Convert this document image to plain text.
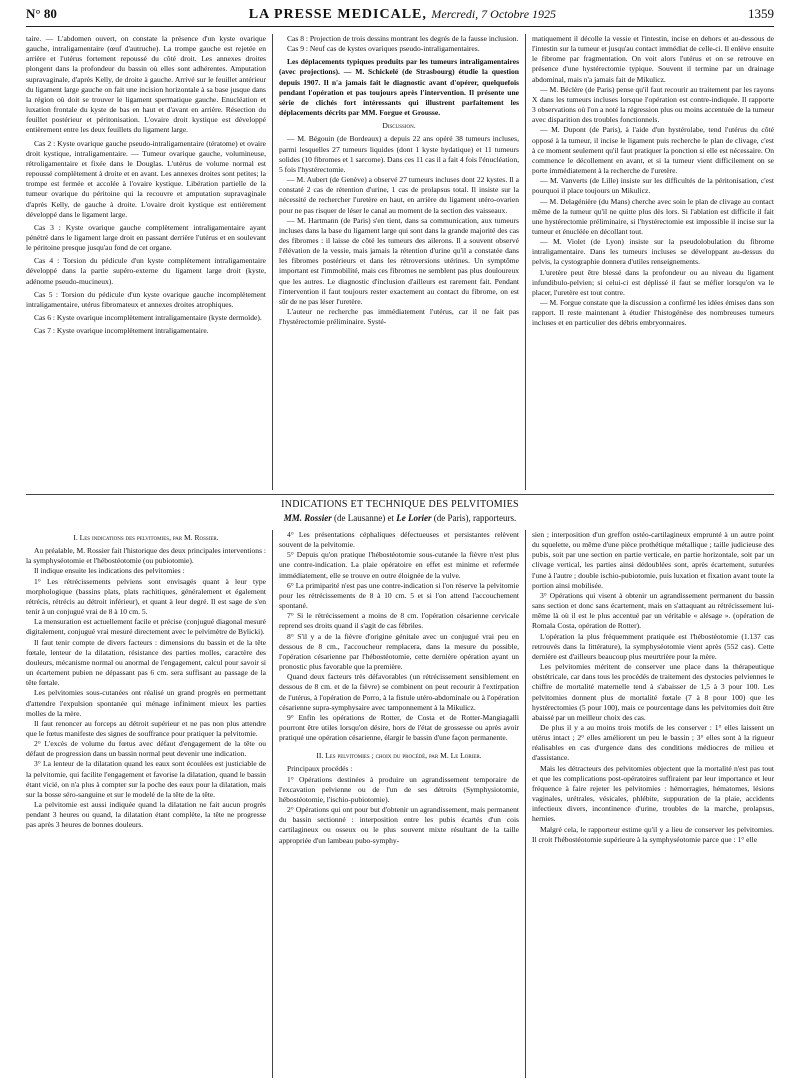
N° 80	LA PRESSE MEDICALE, Mercredi, 7 Octobre 1925	1359

taire. — L'abdomen ouvert, on constate la présence d'un kyste ovarique gauche, intraligamentaire (œuf d'autruche). La trompe gauche est rejetée en arrière et l'utérus fortement repoussé du côté droit. Les annexes droites plongent dans la profondeur du bassin où elles sont adhérentes. Amputation supravaginale, d'après Kelly, de droite à gauche. Arrivé sur le feuillet antérieur du ligament large gauche on fait une incision horizontale à sa base jusque dans la région où doit se trouver le ligament spermatique gauche. Enucléation et luxation frontale du kyste de bas en haut et d'avant en arrière. Résection du feuillet postérieur et péritonisation. L'ovaire droit kystique est développé entièrement entre les deux feuillets du ligament large.

Cas 2 : Kyste ovarique gauche pseudo-intraligamentaire (tératome) et ovaire droit kystique, intraligamentaire. — Tumeur ovarique gauche, volumineuse, rétroligamentaire et fixée dans le Douglas. L'utérus de volume normal est repoussé complètement à droite et en avant. Les annexes droites sont petites; la trompe est fermée et accolée à l'ovaire kystique. Libération partielle de la tumeur ovarique du péritoine qui la recouvre et amputation supravaginale d'après Kelly, de gauche à droite. L'ovaire droit kystique est entièrement développé dans le ligament large.

Cas 3 : Kyste ovarique gauche complètement intraligamentaire ayant pénétré dans le ligament large droit en passant derrière l'utérus et en soulevant le péritoine presque jusqu'au fond de cet organe.

Cas 4 : Torsion du pédicule d'un kyste complètement intraligamentaire développé dans la partie supéro-externe du ligament large droit (kyste, adénome pseudo-mucineux).

Cas 5 : Torsion du pédicule d'un kyste ovarique gauche incomplètement intraligamentaire, utérus fibromateux et annexes droites atrophiques.

Cas 6 : Kyste ovarique incomplètement intraligamentaire (kyste dermoïde).

Cas 7 : Kyste ovarique incomplètement intraligamentaire.

Cas 8 : Projection de trois dessins montrant les degrés de la fausse inclusion.

Cas 9 : Neuf cas de kystes ovariques pseudo-intraligamentaires.

Les déplacements typiques produits par les tumeurs intraligamentaires (avec projections). — M. Schickelé (de Strasbourg) étudie la question depuis 1907. Il n'a jamais fait le diagnostic avant d'opérer, quelquefois pendant l'opération et pas toujours après l'intervention. Il présente une série de clichés fort intéressants qui illustrent parfaitement les déplacements décrits par MM. Forgue et Grousse.

Discussion.

— M. Bégouin (de Bordeaux) a depuis 22 ans opéré 38 tumeurs incluses, parmi lesquelles 27 tumeurs liquides (dont 1 kyste hydatique) et 11 tumeurs solides (10 fibromes et 1 sarcome). Dans ces 11 cas il a fait 4 fois l'énucléation, 5 fois l'hystérectomie.

— M. Aubert (de Genève) a observé 27 tumeurs incluses dont 22 kystes. Il a constaté 2 cas de rétention d'urine, 1 cas de prolapsus total. Il insiste sur la nécessité de rechercher l'uretère en haut, en arrière du ligament utéro-ovarien pour ne pas risquer de léser le canal au moment de la section des vaisseaux.

— M. Hartmann (de Paris) s'en tient, dans sa communication, aux tumeurs incluses dans la base du ligament large qui sont dans la grande majorité des cas des fibromes : il laisse de côté les tumeurs des ailerons. Il a souvent observé l'élévation de la vessie, mais jamais la rétention d'urine qu'il a constatée dans les fibromes postérieurs et dans les rétroversions utérines. Un symptôme important est l'immobilité, mais ces fibromes ne semblent pas plus douloureux que les autres. Le diagnostic d'inclusion d'ailleurs est rarement fait. Pendant l'intervention il faut toujours rester exactement au contact du fibrome, on est sûr de ne pas léser l'uretère.

L'auteur ne recherche pas immédiatement l'utérus, car il ne fait pas l'hystérectomie préliminaire. Systé-

matiquement il décolle la vessie et l'intestin, incise en dehors et au-dessous de l'intestin sur la tumeur et jusqu'au contact immédiat de celle-ci. Il enlève ensuite le fibrome par fragmentation. On voit alors l'utérus et on se retrouve en présence d'une hystérectomie typique. Souvent il termine par un drainage abdominal, mais n'a jamais fait de Mikulicz.

— M. Béclère (de Paris) pense qu'il faut recourir au traitement par les rayons X dans les tumeurs incluses lorsque l'opération est contre-indiquée. Il rapporte 3 observations où l'on a noté la régression plus ou moins accentuée de la tumeur avec disparition des troubles fonctionnels.

— M. Dupont (de Paris), à l'aide d'un hystérolabe, tend l'utérus du côté opposé à la tumeur, il incise le ligament puis recherche le plan de clivage, c'est à ce moment seulement qu'il faut pratiquer la ponction si elle est nécessaire. On commence le décollement en avant, et si la tumeur vient difficilement on se porte immédiatement à la recherche de l'uretère.

— M. Vanverts (de Lille) insiste sur les difficultés de la péritonisation, c'est pourquoi il place toujours un Mikulicz.

— M. Delagénière (du Mans) cherche avec soin le plan de clivage au contact même de la tumeur qu'il ne quitte plus dès lors. Si l'ablation est difficile il fait une hystérectomie préliminaire, si l'hystérectomie est impossible il incise sur la tumeur et énucléée en décollant tout.

— M. Violet (de Lyon) insiste sur la pseudolobulation du fibrome intraligamentaire. Dans les tumeurs incluses se développant au-dessus du pelvis, la cystographie donnera d'utiles renseignements.

L'uretère peut être blessé dans la profondeur ou au niveau du ligament infundibulo-pelvien; si celui-ci est déplissé il faut se méfier lorsqu'on va le placer, l'uretère est tout contre.

— M. Forgue constate que la discussion a confirmé les idées émises dans son rapport. Il reste maintenant à étudier l'histogénèse des nombreuses tumeurs incluses et en particulier des débris embryonnaires.

INDICATIONS ET TECHNIQUE DES PELVITOMIES
MM. Rossier (de Lausanne) et Le Lorier (de Paris), rapporteurs.

I. Les indications des pelvitomies, par M. Rossier.

Au préalable, M. Rossier fait l'historique des deux principales interventions : la symphyséotomie et l'hébostéotomie (ou pubiotomie).

Il indique ensuite les indications des pelvitomies :

1° Les rétrécissements pelviens sont envisagés quant à leur type morphologique (bassins plats, plats rachitiques, généralement et également rétrécis, rétrécis au détroit inférieur), et quant à leur degré. Il est sage de s'en tenir à un conjugué vrai de 8 à 10 cm. 5.

La mensuration est actuellement facile et précise (conjugué diagonal mesuré digitalement, conjugué vrai mesuré directement avec le pelvimètre de Bylicki).

Il faut tenir compte de divers facteurs : dimensions du bassin et de la tête fœtale, lenteur de la dilatation, résistance des parties molles, caractère des douleurs, mécanisme normal ou anormal de l'engagement, calcul pour savoir si un écartement pubien ne dépassant pas 6 cm. sera suffisant au passage de la tête fœtale.

Les pelvitomies sous-cutanées ont réalisé un grand progrès en permettant d'attendre l'expulsion spontanée qui ménage infiniment mieux les parties molles de la mère.

Il faut renoncer au forceps au détroit supérieur et ne pas non plus attendre que le fœtus manifeste des signes de souffrance pour pratiquer la pelvitomie.

2° L'excès de volume du fœtus avec défaut d'engagement de la tête ou défaut de progression dans un bassin normal peut devenir une indication.

3° La lenteur de la dilatation quand les eaux sont écoulées est justiciable de la pelvitomie, qui facilite l'engagement et favorise la dilatation, quand le bassin étant vicié, on n'a plus à compter sur la poche des eaux pour la dilatation, mais sur la bosse séro-sanguine et sur le modelé de la tête de la tête.

La pelvitomie est aussi indiquée quand la dilatation ne fait aucun progrès pendant 3 heures ou quand, la dilatation étant complète, la tête ne progresse pas après 3 heures de bonnes douleurs.

4° Les présentations céphaliques défectueuses et persistantes relèvent souvent de la pelvitomie.

5° Depuis qu'on pratique l'hébostéotomie sous-cutanée la fièvre n'est plus une contre-indication. La plaie opératoire en effet est minime et refermée immédiatement, elle se trouve en outre éloignée de la vulve.

6° La primiparité n'est pas une contre-indication si l'on réserve la pelvitomie pour les rétrécissements de 8 à 10 cm. 5 et si l'on attend l'accouchement spontané.

7° Si le rétrécissement a moins de 8 cm. l'opération césarienne cervicale reprend ses droits quand il s'agit de cas fébriles.

8° S'il y a de la fièvre d'origine génitale avec un conjugué vrai peu en dessous de 8 cm., l'accoucheur remplacera, dans la mesure du possible, l'opération césarienne par l'hébostéotomie, cette dernière opération ayant un pronostic plus favorable que la première.

Quand deux facteurs très défavorables (un rétrécissement sensiblement en dessous de 8 cm. et de la fièvre) se combinent on peut recourir à l'extirpation de l'utérus, à l'opération de Porro, à la fistule utéro-abdominale ou à l'opération césarienne supra-symphysaire avec tamponnement à la Mikulicz.

9° Enfin les opérations de Rotter, de Costa et de Rotter-Mangiagalli pourront être utiles lorsqu'on désire, hors de l'état de grossesse ou après avoir pratiqué une opération césarienne, élargir le bassin d'une façon permanente.

II. Les pelvitomies ; choix du procédé, par M. Le Lorier.

Principaux procédés :

1° Opérations destinées à produire un agrandissement temporaire de l'excavation pelvienne ou de l'un de ses détroits (Symphysiotomie, hébostéotomie, l'ischio-pubiotomie).

2° Opérations qui ont pour but d'obtenir un agrandissement, mais permanent du bassin sectionné : interposition entre les pubis écartés d'un cois cartilagineux ou osseux ou le plus souvent mixte résultant de la taille appropriée d'un lambeau pubo-symphy-

sien ; interposition d'un greffon ostéo-cartilagineux emprunté à un autre point du squelette, ou même d'une pièce prothétique métallique ; taille judicieuse des pubis, soit par une section en partie verticale, en partie horizontale, soit par un clivage vertical, les parties ainsi dédoublées sont, après écartement, suturées l'une à l'autre ; double ischio-pubiotomie, puis luxation et fixation avant toute la portion ainsi mobilisée.

3° Opérations qui visent à obtenir un agrandissement permanent du bassin sans section et donc sans écartement, mais en s'attaquant au rétrécissement lui-même là où il est le plus accentué par un véritable « alésage ». (opération de Romala Costa, opération de Rotter).

L'opération la plus fréquemment pratiquée est l'hébostéotomie (1.137 cas retrouvés dans la littérature), la symphyséotomie vient après (552 cas). Cette dernière est d'ailleurs beaucoup plus meurtrière pour la mère.

Les pelvitomies méritent de conserver une place dans la thérapeutique obstétricale, car dans tous les procédés de traitement des dystocies pelviennes le chiffre de mortalité maternelle tend à s'abaisser de 1,5 à 3 pour 100. Les pelvitomies donnent plus de mortalité fœtale (7 à 8 pour 100) que les hystérectomies (5 pour 100), mais ce pourcentage dans les pelvitomies doit être abaissé par un meilleur choix des cas.

De plus il y a au moins trois motifs de les conserver : 1° elles laissent un utérus intact ; 2° elles améliorent un peu le bassin ; 3° elles sont à la rigueur réalisables en cas d'urgence dans des conditions médiocres de milieu et d'assistance.

Mais les détracteurs des pelvitomies objectent que la mortalité n'est pas tout et que les complications post-opératoires suffiraient par leur importance et leur fréquence à faire rejeter les pelvitomies : hémorragies, hématomes, lésions vaginales, urétrales, vésicales, phlébite, suppuration de la plaie, accidents infectieux divers, incontinence d'urine, troubles de la marche, prolapsus, hernies.

Malgré cela, le rapporteur estime qu'il y a lieu de conserver les pelvitomies. Il croit l'hébostéotomie supérieure à la symphyséotomie parce que : 1° elle
